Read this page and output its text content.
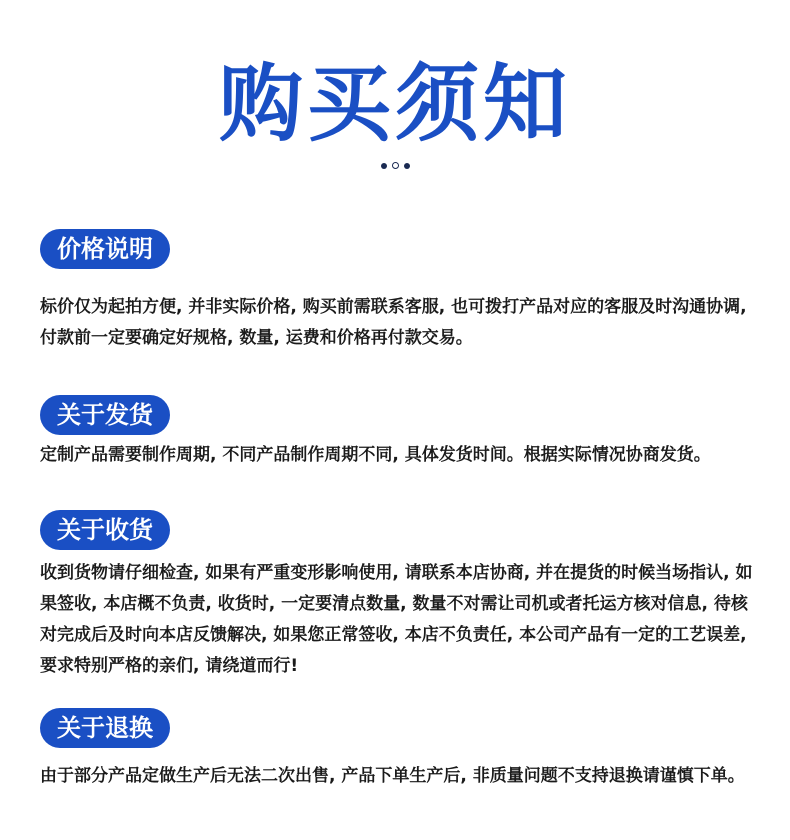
购买须知
价格说明
标价仅为起拍方便, 并非实际价格, 购买前需联系客服, 也可拨打产品对应的客服及时沟通协调, 付款前一定要确定好规格, 数量, 运费和价格再付款交易。
关于发货
定制产品需要制作周期, 不同产品制作周期不同, 具体发货时间。根据实际情况协商发货。
关于收货
收到货物请仔细检查, 如果有严重变形影响使用, 请联系本店协商, 并在提货的时候当场指认, 如果签收, 本店概不负责, 收货时, 一定要清点数量, 数量不对需让司机或者托运方核对信息, 待核对完成后及时向本店反馈解决, 如果您正常签收, 本店不负责任, 本公司产品有一定的工艺误差, 要求特别严格的亲们, 请绕道而行!
关于退换
由于部分产品定做生产后无法二次出售, 产品下单生产后, 非质量问题不支持退换请谨慎下单。
